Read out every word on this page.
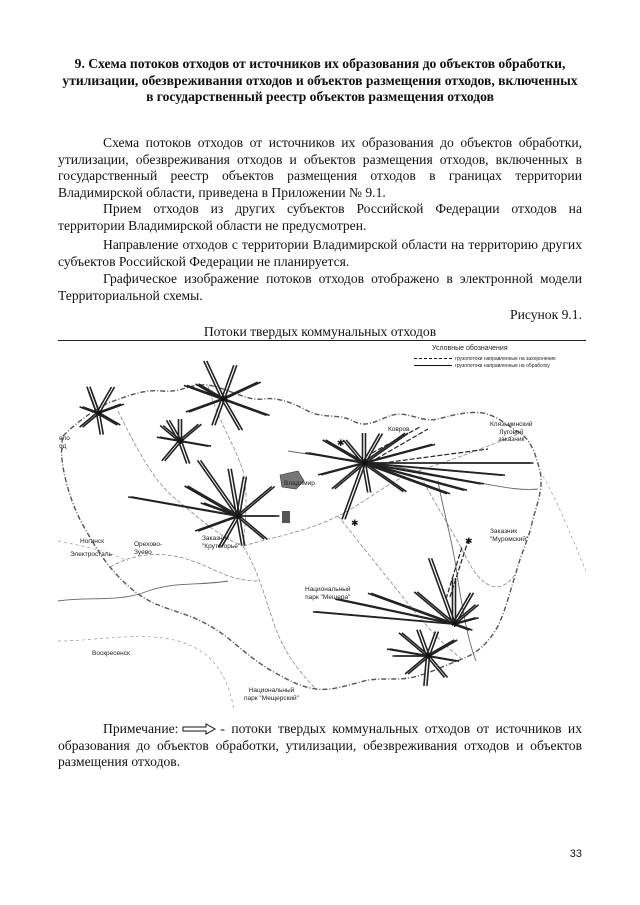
9. Схема потоков отходов от источников их образования до объектов обработки, утилизации, обезвреживания отходов и объектов размещения отходов, включенных в государственный реестр объектов размещения отходов
Схема потоков отходов от источников их образования до объектов обработки, утилизации, обезвреживания отходов и объектов размещения отходов, включенных в государственный реестр объектов размещения отходов в границах территории Владимирской области, приведена в Приложении № 9.1.
Прием отходов из других субъектов Российской Федерации отходов на территории Владимирской области не предусмотрен.
Направление отходов с территории Владимирской области на территорию других субъектов Российской Федерации не планируется.
Графическое изображение потоков отходов отображено в электронной модели Территориальной схемы.
Рисунок 9.1.
Потоки твердых коммунальных отходов
✱
✱
✱
✱
✱
✱
✱
✱
✱
✱
Условные обозначения
грузопотоки направленные на захоронение
грузопотоки направленные на обработку
Владимир
Ковров
Клязьминский
Луговой
заказник
Заказник
"Муромский"
Заказник
"Крутогорье"
Ногинск
Электросталь
Орехово-
Зуево
Воскресенск
Национальный
парк "Мещера"
Национальный
парк "Мещерский"
ело
од
Примечание:	- потоки твердых коммунальных отходов от источников их образования до объектов обработки, утилизации, обезвреживания отходов и объектов размещения отходов.
33
